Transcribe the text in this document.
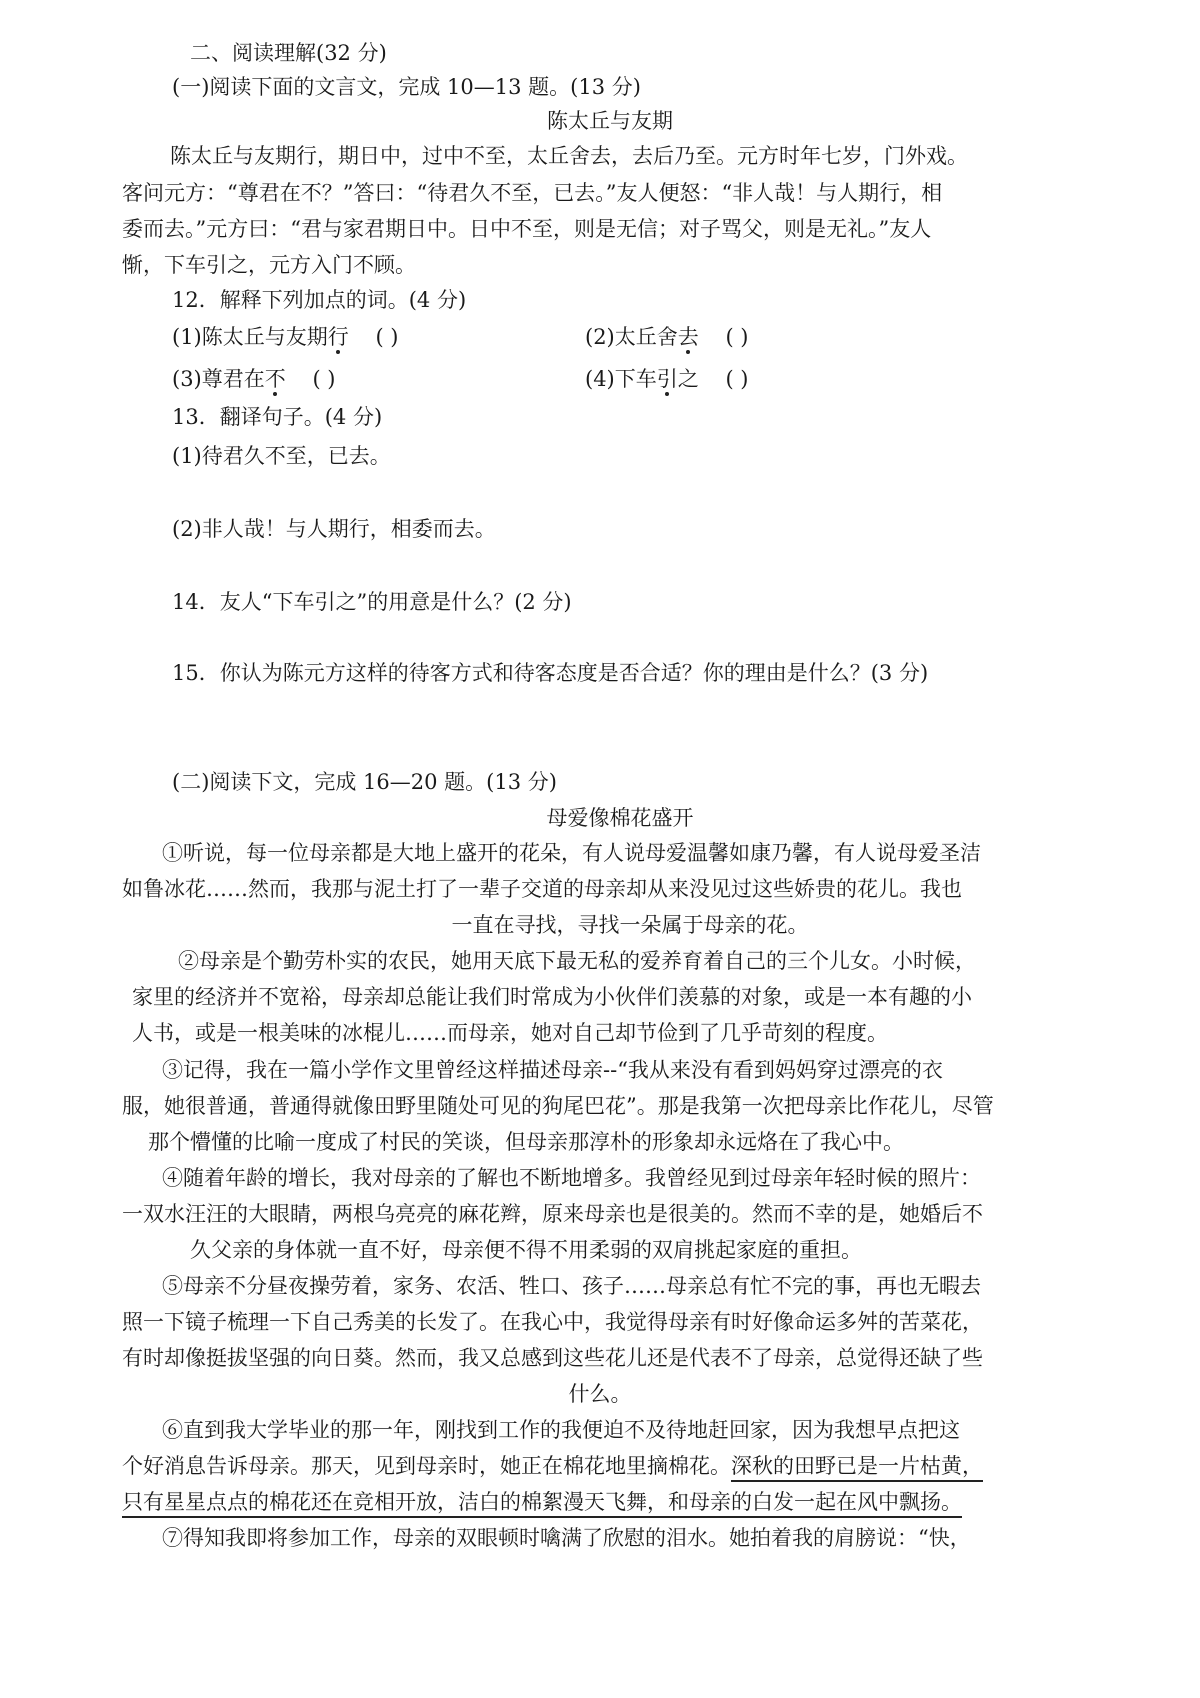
二、阅读理解(32 分)
(一)阅读下面的文言文，完成 10—13 题。(13 分)
陈太丘与友期
陈太丘与友期行，期日中，过中不至，太丘舍去，去后乃至。元方时年七岁，门外戏。
客问元方：“尊君在不？”答曰：“待君久不至，已去。”友人便怒：“非人哉！与人期行，相
委而去。”元方曰：“君与家君期日中。日中不至，则是无信；对子骂父，则是无礼。”友人
惭，下车引之，元方入门不顾。
12．解释下列加点的词。(4 分)
(1)陈太丘与友期行 ( )	(2)太丘舍去 ( )
(3)尊君在不 ( )	(4)下车引之 ( )
13．翻译句子。(4 分)
(1)待君久不至，已去。
(2)非人哉！与人期行，相委而去。
14．友人“下车引之”的用意是什么？(2 分)
15．你认为陈元方这样的待客方式和待客态度是否合适？你的理由是什么？(3 分)
(二)阅读下文，完成 16—20 题。(13 分)
母爱像棉花盛开
①听说，每一位母亲都是大地上盛开的花朵，有人说母爱温馨如康乃馨，有人说母爱圣洁
如鲁冰花……然而，我那与泥土打了一辈子交道的母亲却从来没见过这些娇贵的花儿。我也
一直在寻找，寻找一朵属于母亲的花。
②母亲是个勤劳朴实的农民，她用天底下最无私的爱养育着自己的三个儿女。小时候，
家里的经济并不宽裕，母亲却总能让我们时常成为小伙伴们羡慕的对象，或是一本有趣的小
人书，或是一根美味的冰棍儿……而母亲，她对自己却节俭到了几乎苛刻的程度。
③记得，我在一篇小学作文里曾经这样描述母亲--“我从来没有看到妈妈穿过漂亮的衣
服，她很普通，普通得就像田野里随处可见的狗尾巴花”。那是我第一次把母亲比作花儿，尽管
那个懵懂的比喻一度成了村民的笑谈，但母亲那淳朴的形象却永远烙在了我心中。
④随着年龄的增长，我对母亲的了解也不断地增多。我曾经见到过母亲年轻时候的照片：
一双水汪汪的大眼睛，两根乌亮亮的麻花辫，原来母亲也是很美的。然而不幸的是，她婚后不
久父亲的身体就一直不好，母亲便不得不用柔弱的双肩挑起家庭的重担。
⑤母亲不分昼夜操劳着，家务、农活、牲口、孩子……母亲总有忙不完的事，再也无暇去
照一下镜子梳理一下自己秀美的长发了。在我心中，我觉得母亲有时好像命运多舛的苦菜花，
有时却像挺拔坚强的向日葵。然而，我又总感到这些花儿还是代表不了母亲，总觉得还缺了些
什么。
⑥直到我大学毕业的那一年，刚找到工作的我便迫不及待地赶回家，因为我想早点把这
个好消息告诉母亲。那天，见到母亲时，她正在棉花地里摘棉花。深秋的田野已是一片枯黄，
只有星星点点的棉花还在竞相开放，洁白的棉絮漫天飞舞，和母亲的白发一起在风中飘扬。
⑦得知我即将参加工作，母亲的双眼顿时噙满了欣慰的泪水。她拍着我的肩膀说：“快，
